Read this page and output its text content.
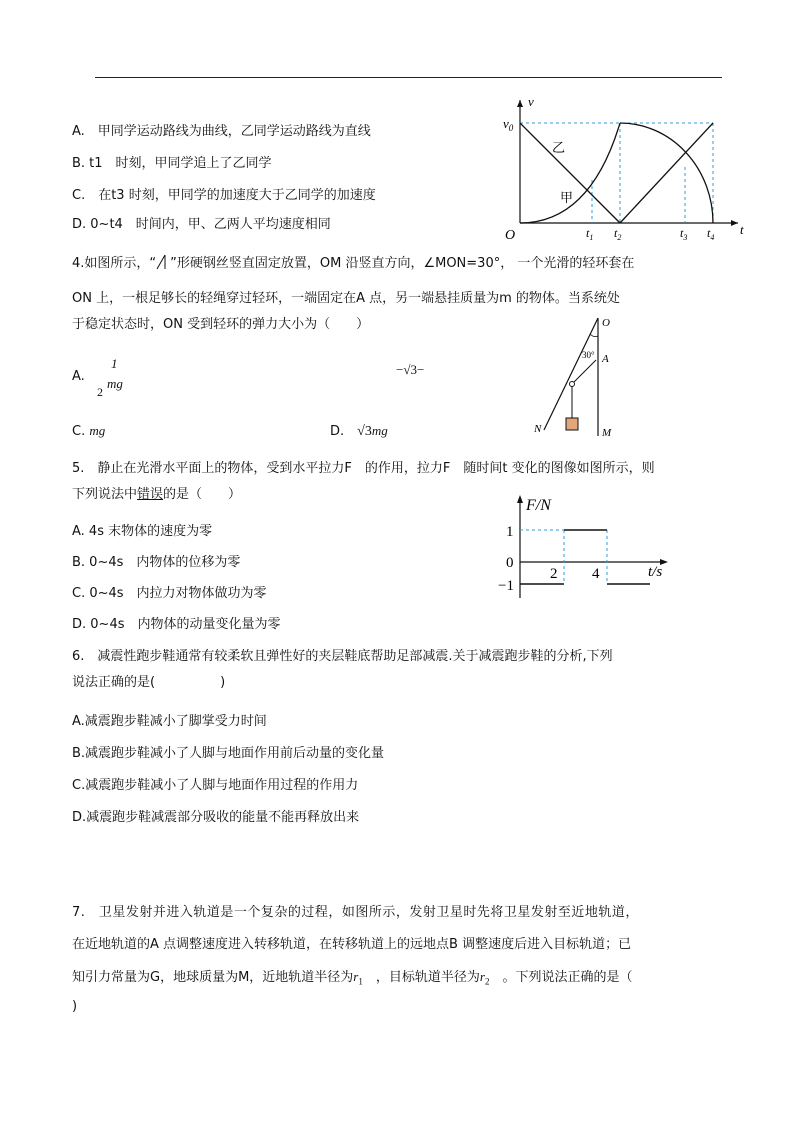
A.　甲同学运动路线为曲线，乙同学运动路线为直线
B. t1　时刻，甲同学追上了乙同学
C.　在t3 时刻，甲同学的加速度大于乙同学的加速度
D. 0~t4　时间内，甲、乙两人平均速度相同
v
$v_0$
O	t
$t_1$ $t_2$	$t_3$ $t_4$
乙
甲
4.如图所示，“ ”形硬钢丝竖直固定放置，OM 沿竖直方向，∠MON=30°， 一个光滑的轻环套在
ON 上，一根足够长的轻绳穿过轻环，一端固定在A 点，另一端悬挂质量为m 的物体。当系统处
于稳定状态时，ON 受到轻环的弹力大小为（　　）
A.
1
mg
2
−√3−
C. mg	D.　 √3mg
O
A
N	M
30°
5.　静止在光滑水平面上的物体，受到水平拉力F　的作用，拉力F　随时间t 变化的图像如图所示，则
下列说法中错误的是（　　）
A. 4s 末物体的速度为零
B. 0~4s　内物体的位移为零
C. 0~4s　内拉力对物体做功为零
D. 0~4s　内物体的动量变化量为零
F/N
t/s
1
0
−1
2 4
6.　减震性跑步鞋通常有较柔软且弹性好的夹层鞋底帮助足部减震.关于减震跑步鞋的分析,下列
说法正确的是(　　　　　)
A.减震跑步鞋减小了脚掌受力时间
B.减震跑步鞋减小了人脚与地面作用前后动量的变化量
C.减震跑步鞋减小了人脚与地面作用过程的作用力
D.减震跑步鞋减震部分吸收的能量不能再释放出来
7.　卫星发射并进入轨道是一个复杂的过程，如图所示，发射卫星时先将卫星发射至近地轨道，
在近地轨道的A 点调整速度进入转移轨道，在转移轨道上的远地点B 调整速度后进入目标轨道；已
知引力常量为G，地球质量为M，近地轨道半径为$r_1$　 ，目标轨道半径为$r_2$　 。下列说法正确的是（
)
